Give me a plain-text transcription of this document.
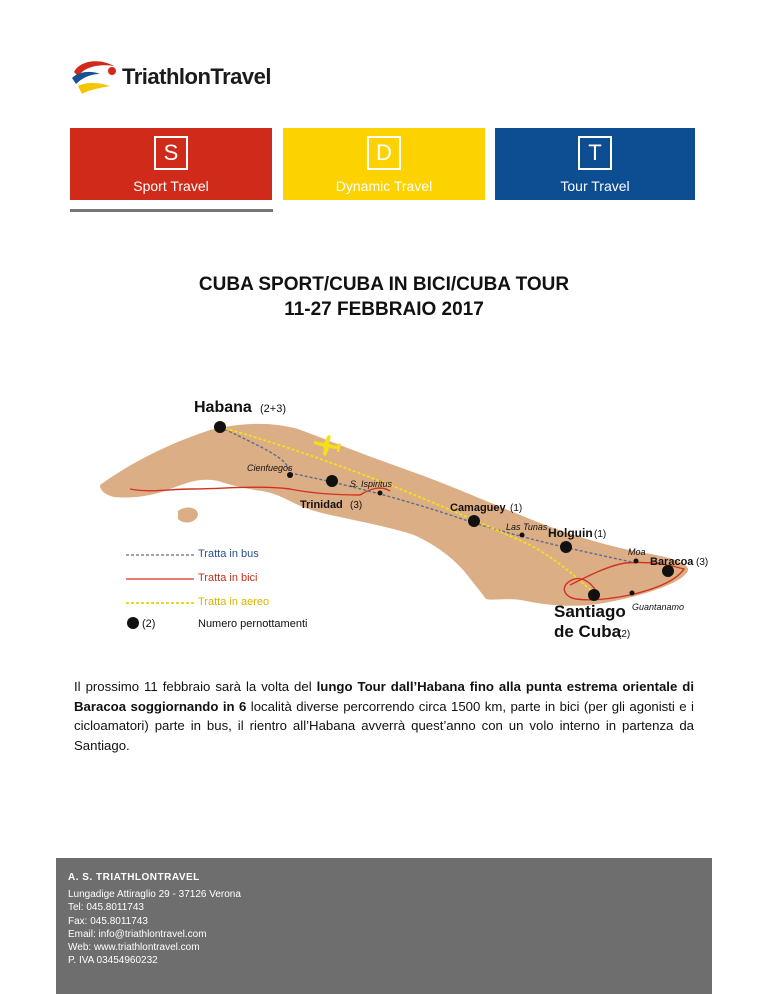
TriathlonTravel
S
Sport Travel
D
Dynamic Travel
T
Tour Travel
CUBA SPORT/CUBA IN BICI/CUBA TOUR
11-27 FEBBRAIO 2017
Habana (2+3)
Cienfuegos
Trinidad (3)
S. Ispiritus
Camaguey (1)
Las Tunas Holguin (1)
Moa
Baracoa (3)
Santiago
de Cuba
(2)
Guantanamo
Tratta in bus
Tratta in bici
Tratta in aereo
(2)	Numero pernottamenti
Il prossimo 11 febbraio sarà la volta del lungo Tour dall’Habana fino alla punta estrema orientale di Baracoa soggiornando in 6 località diverse percorrendo circa 1500 km, parte in bici (per gli agonisti e i cicloamatori) parte in bus, il rientro all’Habana avverrà quest’anno con un volo interno in partenza da Santiago.
A. S. TRIATHLONTRAVEL
Lungadige Attiraglio 29 - 37126 Verona
Tel: 045.8011743
Fax: 045.8011743
Email: info@triathlontravel.com
Web: www.triathlontravel.com
P. IVA 03454960232
